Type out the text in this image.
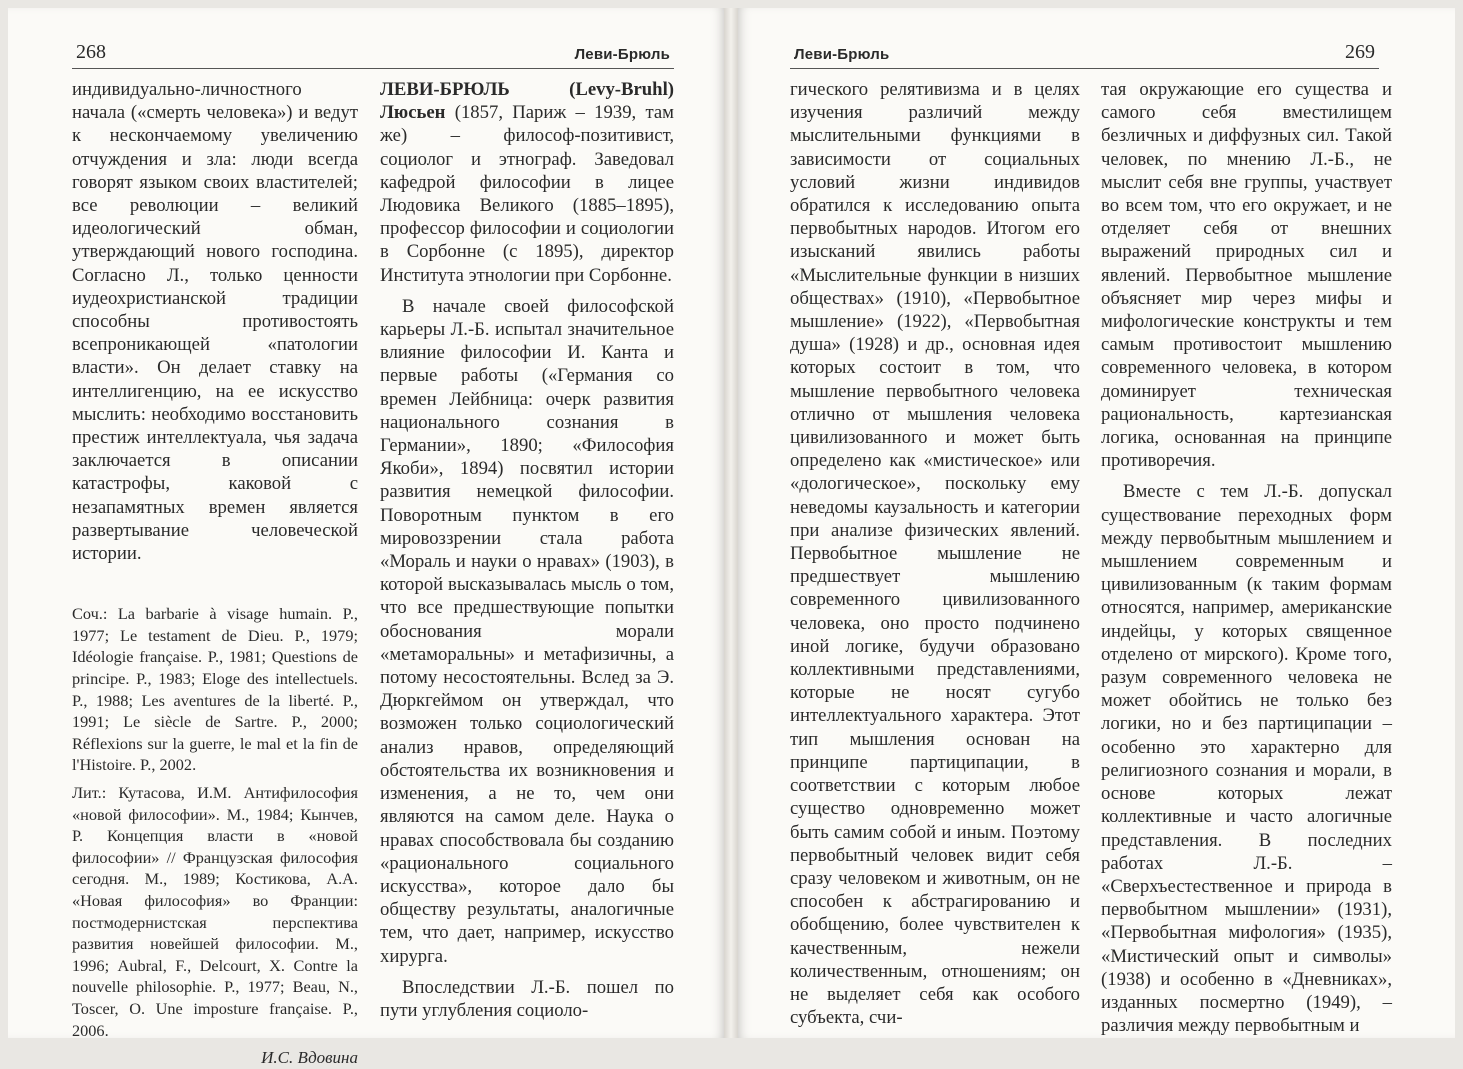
268	Леви-Брюль

индивидуально-личностного начала («смерть человека») и ведут к нескончаемому увеличению отчуждения и зла: люди всегда говорят языком своих властителей; все революции – великий идеологический обман, утверждающий нового господина. Согласно Л., только ценности иудеохристианской традиции способны противостоять всепроникающей «патологии власти». Он делает ставку на интеллигенцию, на ее искусство мыслить: необходимо восстановить престиж интеллектуала, чья задача заключается в описании катастрофы, каковой с незапамятных времен является развертывание человеческой истории.

Соч.: La barbarie à visage humain. P., 1977; Le testament de Dieu. P., 1979; Idéologie française. P., 1981; Questions de principe. P., 1983; Eloge des intellectuels. P., 1988; Les aventures de la liberté. P., 1991; Le siècle de Sartre. P., 2000; Réflexions sur la guerre, le mal et la fin de l'Histoire. P., 2002.

Лит.: Кутасова, И.М. Антифилософия «новой философии». М., 1984; Кынчев, Р. Концепция власти в «новой философии» // Французская философия сегодня. М., 1989; Костикова, А.А. «Новая философия» во Франции: постмодернистская перспектива развития новейшей философии. М., 1996; Aubral, F., Delcourt, X. Contre la nouvelle philosophie. P., 1977; Beau, N., Toscer, O. Une imposture française. P., 2006.

И.С. Вдовина

ЛЕВИ-БРЮЛЬ (Levy-Bruhl) Люсьен (1857, Париж – 1939, там же) – философ-позитивист, социолог и этнограф. Заведовал кафедрой философии в лицее Людовика Великого (1885–1895), профессор философии и социологии в Сорбонне (с 1895), директор Института этнологии при Сорбонне.

В начале своей философской карьеры Л.-Б. испытал значительное влияние философии И. Канта и первые работы («Германия со времен Лейбница: очерк развития национального сознания в Германии», 1890; «Философия Якоби», 1894) посвятил истории развития немецкой философии. Поворотным пунктом в его мировоззрении стала работа «Мораль и науки о нравах» (1903), в которой высказывалась мысль о том, что все предшествующие попытки обоснования морали «метаморальны» и метафизичны, а потому несостоятельны. Вслед за Э. Дюркгеймом он утверждал, что возможен только социологический анализ нравов, определяющий обстоятельства их возникновения и изменения, а не то, чем они являются на самом деле. Наука о нравах способствовала бы созданию «рационального социального искусства», которое дало бы обществу результаты, аналогичные тем, что дает, например, искусство хирурга.

Впоследствии Л.-Б. пошел по пути углубления социоло-

Леви-Брюль	269

гического релятивизма и в целях изучения различий между мыслительными функциями в зависимости от социальных условий жизни индивидов обратился к исследованию опыта первобытных народов. Итогом его изысканий явились работы «Мыслительные функции в низших обществах» (1910), «Первобытное мышление» (1922), «Первобытная душа» (1928) и др., основная идея которых состоит в том, что мышление первобытного человека отлично от мышления человека цивилизованного и может быть определено как «мистическое» или «дологическое», поскольку ему неведомы каузальность и категории при анализе физических явлений. Первобытное мышление не предшествует мышлению современного цивилизованного человека, оно просто подчинено иной логике, будучи образовано коллективными представлениями, которые не носят сугубо интеллектуального характера. Этот тип мышления основан на принципе партиципации, в соответствии с которым любое существо одновременно может быть самим собой и иным. Поэтому первобытный человек видит себя сразу человеком и животным, он не способен к абстрагированию и обобщению, более чувствителен к качественным, нежели количественным, отношениям; он не выделяет себя как особого субъекта, счи-

тая окружающие его существа и самого себя вместилищем безличных и диффузных сил. Такой человек, по мнению Л.-Б., не мыслит себя вне группы, участвует во всем том, что его окружает, и не отделяет себя от внешних выражений природных сил и явлений. Первобытное мышление объясняет мир через мифы и мифологические конструкты и тем самым противостоит мышлению современного человека, в котором доминирует техническая рациональность, картезианская логика, основанная на принципе противоречия.

Вместе с тем Л.-Б. допускал существование переходных форм между первобытным мышлением и мышлением современным и цивилизованным (к таким формам относятся, например, американские индейцы, у которых священное отделено от мирского). Кроме того, разум современного человека не может обойтись не только без логики, но и без партиципации – особенно это характерно для религиозного сознания и морали, в основе которых лежат коллективные и часто алогичные представления. В последних работах Л.-Б. – «Сверхъестественное и природа в первобытном мышлении» (1931), «Первобытная мифология» (1935), «Мистический опыт и символы» (1938) и особенно в «Дневниках», изданных посмертно (1949), – различия между первобытным и
